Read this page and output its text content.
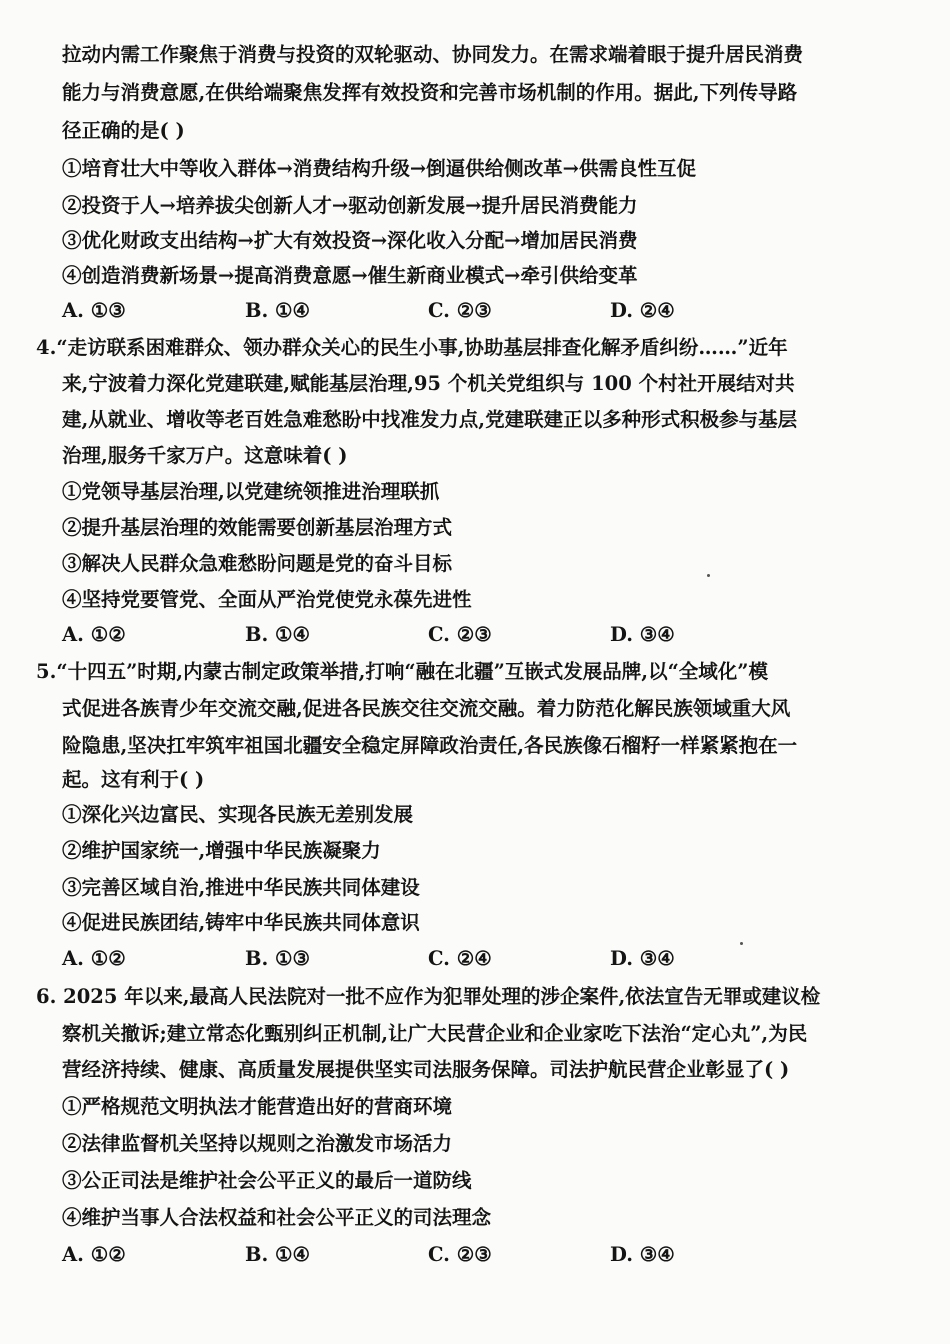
拉动内需工作聚焦于消费与投资的双轮驱动、协同发力。在需求端着眼于提升居民消费
能力与消费意愿,在供给端聚焦发挥有效投资和完善市场机制的作用。据此,下列传导路
径正确的是( )
①培育壮大中等收入群体→消费结构升级→倒逼供给侧改革→供需良性互促
②投资于人→培养拔尖创新人才→驱动创新发展→提升居民消费能力
③优化财政支出结构→扩大有效投资→深化收入分配→增加居民消费
④创造消费新场景→提高消费意愿→催生新商业模式→牵引供给变革
A. ①③	B. ①④	C. ②③	D. ②④
4.“走访联系困难群众、领办群众关心的民生小事,协助基层排查化解矛盾纠纷……”近年
来,宁波着力深化党建联建,赋能基层治理,95 个机关党组织与 100 个村社开展结对共
建,从就业、增收等老百姓急难愁盼中找准发力点,党建联建正以多种形式积极参与基层
治理,服务千家万户。这意味着( )
①党领导基层治理,以党建统领推进治理联抓
②提升基层治理的效能需要创新基层治理方式
③解决人民群众急难愁盼问题是党的奋斗目标
④坚持党要管党、全面从严治党使党永葆先进性
A. ①②	B. ①④	C. ②③	D. ③④
5.“十四五”时期,内蒙古制定政策举措,打响“融在北疆”互嵌式发展品牌,以“全域化”模
式促进各族青少年交流交融,促进各民族交往交流交融。着力防范化解民族领域重大风
险隐患,坚决扛牢筑牢祖国北疆安全稳定屏障政治责任,各民族像石榴籽一样紧紧抱在一
起。这有利于( )
①深化兴边富民、实现各民族无差别发展
②维护国家统一,增强中华民族凝聚力
③完善区域自治,推进中华民族共同体建设
④促进民族团结,铸牢中华民族共同体意识
A. ①②	B. ①③	C. ②④	D. ③④
6. 2025 年以来,最高人民法院对一批不应作为犯罪处理的涉企案件,依法宣告无罪或建议检
察机关撤诉;建立常态化甄别纠正机制,让广大民营企业和企业家吃下法治“定心丸”,为民
营经济持续、健康、高质量发展提供坚实司法服务保障。司法护航民营企业彰显了( )
①严格规范文明执法才能营造出好的营商环境
②法律监督机关坚持以规则之治激发市场活力
③公正司法是维护社会公平正义的最后一道防线
④维护当事人合法权益和社会公平正义的司法理念
A. ①②	B. ①④	C. ②③	D. ③④
